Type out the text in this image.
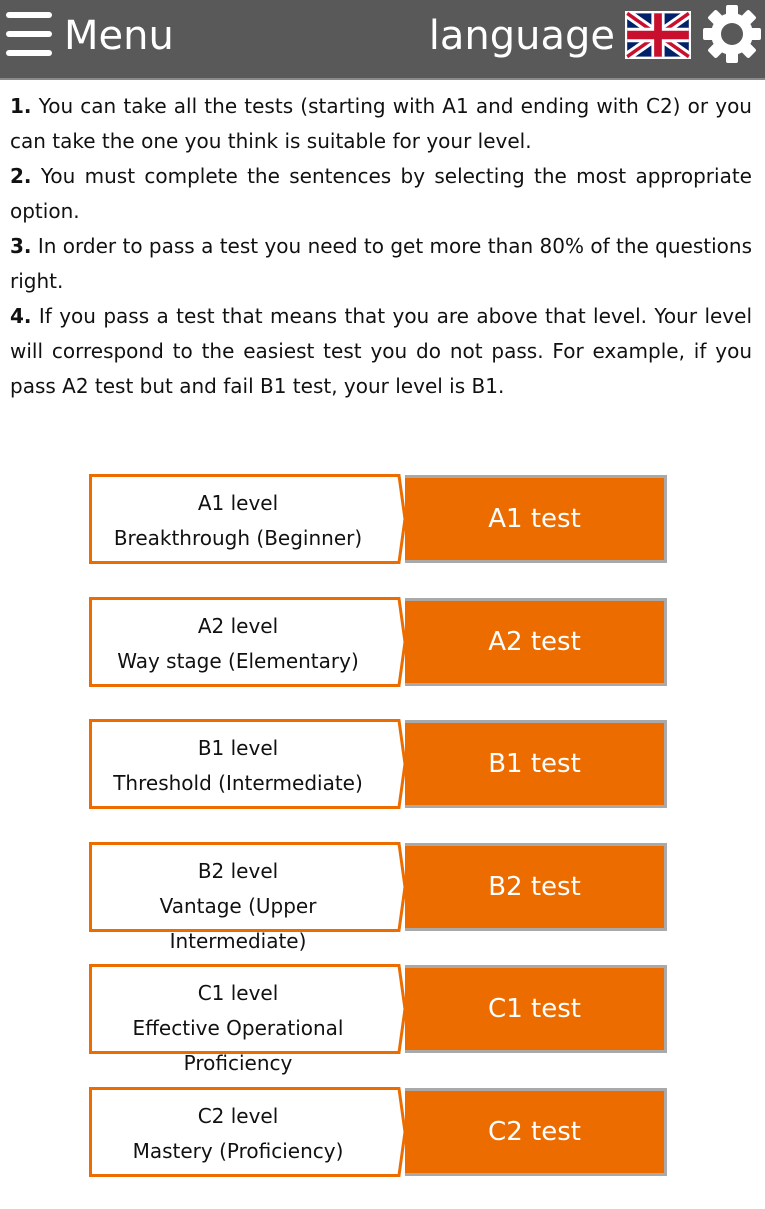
Menu	language

1. You can take all the tests (starting with A1 and ending with C2) or you can take the one you think is suitable for your level.

2. You must complete the sentences by selecting the most appropriate option.

3. In order to pass a test you need to get more than 80% of the questions right.

4. If you pass a test that means that you are above that level. Your level will correspond to the easiest test you do not pass. For example, if you pass A2 test but and fail B1 test, your level is B1.

A1 level
Breakthrough (Beginner)
A1 test
A2 level
Way stage (Elementary)
A2 test
B1 level
Threshold (Intermediate)
B1 test
B2 level
Vantage (Upper Intermediate)
B2 test
C1 level
Effective Operational Proficiency
C1 test
C2 level
Mastery (Proficiency)
C2 test
